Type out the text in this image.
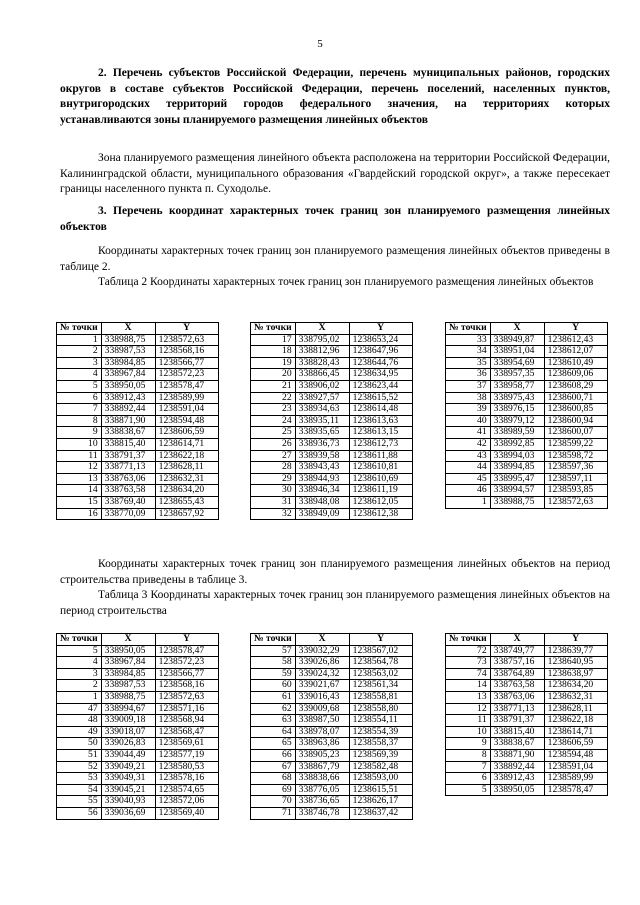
5

2. Перечень субъектов Российской Федерации, перечень муниципальных районов, городских округов в составе субъектов Российской Федерации, перечень поселений, населенных пунктов, внутригородских территорий городов федерального значения, на территориях которых устанавливаются зоны планируемого размещения линейных объектов

Зона планируемого размещения линейного объекта расположена на территории Российской Федерации, Калининградской области, муниципального образования «Гвардейский городской округ», а также пересекает границы населенного пункта п. Суходолье.

3. Перечень координат характерных точек границ зон планируемого размещения линейных объектов

Координаты характерных точек границ зон планируемого размещения линейных объектов приведены в таблице 2.

Таблица 2 Координаты характерных точек границ зон планируемого размещения линейных объектов

№ точки	X	Y
1	338988,75	1238572,63
2	338987,53	1238568,16
3	338984,85	1238566,77
4	338967,84	1238572,23
5	338950,05	1238578,47
6	338912,43	1238589,99
7	338892,44	1238591,04
8	338871,90	1238594,48
9	338838,67	1238606,59
10	338815,40	1238614,71
11	338791,37	1238622,18
12	338771,13	1238628,11
13	338763,06	1238632,31
14	338763,58	1238634,20
15	338769,40	1238655,43
16	338770,09	1238657,92
№ точки	X	Y
17	338795,02	1238653,24
18	338812,96	1238647,96
19	338828,43	1238644,76
20	338866,45	1238634,95
21	338906,02	1238623,44
22	338927,57	1238615,52
23	338934,63	1238614,48
24	338935,11	1238613,63
25	338935,65	1238613,15
26	338936,73	1238612,73
27	338939,58	1238611,88
28	338943,43	1238610,81
29	338944,93	1238610,69
30	338946,34	1238611,19
31	338948,08	1238612,05
32	338949,09	1238612,38
№ точки	X	Y
33	338949,87	1238612,43
34	338951,04	1238612,07
35	338954,69	1238610,49
36	338957,35	1238609,06
37	338958,77	1238608,29
38	338975,43	1238600,71
39	338976,15	1238600,85
40	338979,12	1238600,94
41	338989,59	1238600,07
42	338992,85	1238599,22
43	338994,03	1238598,72
44	338994,85	1238597,36
45	338995,47	1238597,11
46	338994,57	1238593,85
1	338988,75	1238572,63

Координаты характерных точек границ зон планируемого размещения линейных объектов на период строительства приведены в таблице 3.

Таблица 3 Координаты характерных точек границ зон планируемого размещения линейных объектов на период строительства

№ точки	X	Y
5	338950,05	1238578,47
4	338967,84	1238572,23
3	338984,85	1238566,77
2	338987,53	1238568,16
1	338988,75	1238572,63
47	338994,67	1238571,16
48	339009,18	1238568,94
49	339018,07	1238568,47
50	339026,83	1238569,61
51	339044,49	1238577,19
52	339049,21	1238580,53
53	339049,31	1238578,16
54	339045,21	1238574,65
55	339040,93	1238572,06
56	339036,69	1238569,40
№ точки	X	Y
57	339032,29	1238567,02
58	339026,86	1238564,78
59	339024,32	1238563,02
60	339021,67	1238561,34
61	339016,43	1238558,81
62	339009,68	1238558,80
63	338987,50	1238554,11
64	338978,07	1238554,39
65	338963,86	1238558,37
66	338905,23	1238569,39
67	338867,79	1238582,48
68	338838,66	1238593,00
69	338776,05	1238615,51
70	338736,65	1238626,17
71	338746,78	1238637,42
№ точки	X	Y
72	338749,77	1238639,77
73	338757,16	1238640,95
74	338764,89	1238638,97
14	338763,58	1238634,20
13	338763,06	1238632,31
12	338771,13	1238628,11
11	338791,37	1238622,18
10	338815,40	1238614,71
9	338838,67	1238606,59
8	338871,90	1238594,48
7	338892,44	1238591,04
6	338912,43	1238589,99
5	338950,05	1238578,47
